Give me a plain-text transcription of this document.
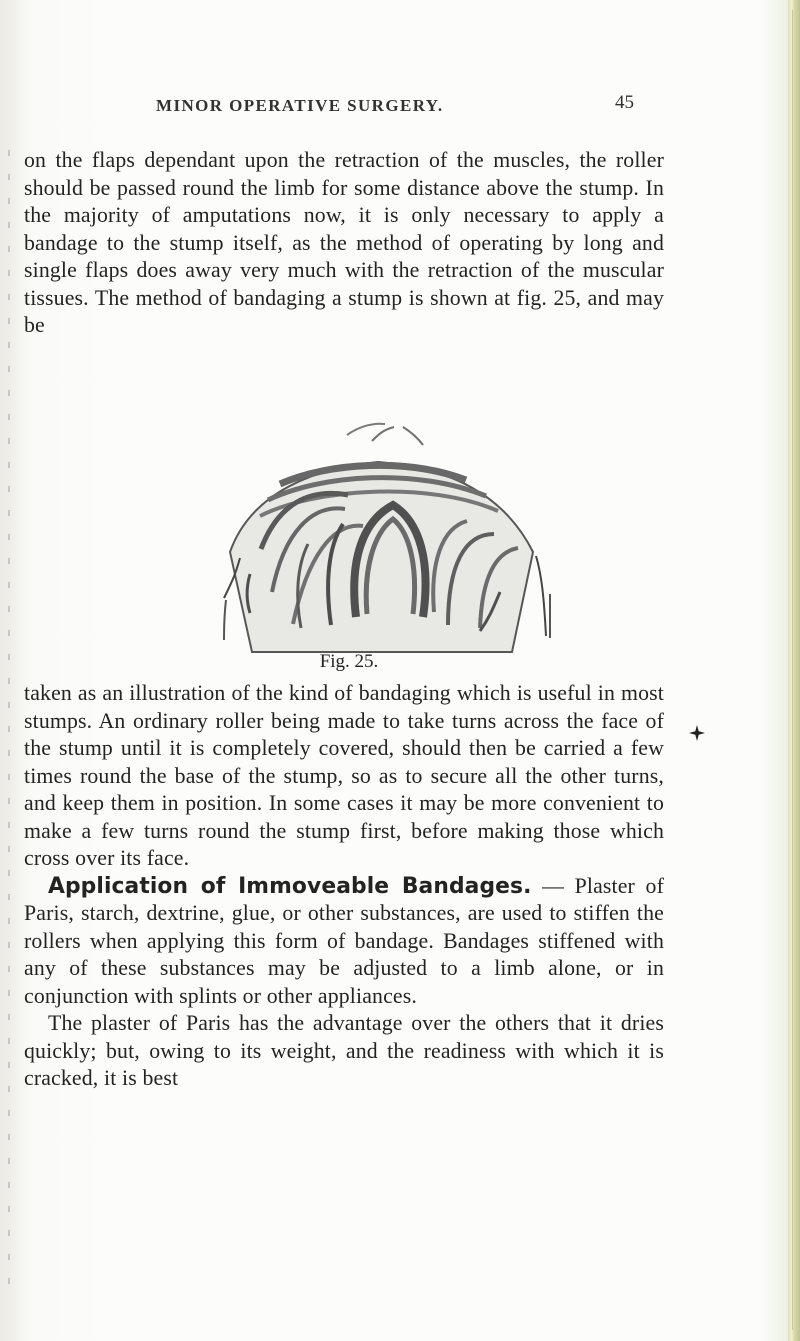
MINOR OPERATIVE SURGERY.	45

on the flaps dependant upon the retraction of the muscles, the roller should be passed round the limb for some distance above the stump. In the majority of amputations now, it is only necessary to apply a bandage to the stump itself, as the method of operating by long and single flaps does away very much with the retraction of the muscular tissues. The method of bandaging a stump is shown at fig. 25, and may be

Fig. 25.

taken as an illustration of the kind of bandaging which is useful in most stumps. An ordinary roller being made to take turns across the face of the stump until it is completely covered, should then be carried a few times round the base of the stump, so as to secure all the other turns, and keep them in position. In some cases it may be more convenient to make a few turns round the stump first, before making those which cross over its face.

Application of Immoveable Bandages. — Plaster of Paris, starch, dextrine, glue, or other substances, are used to stiffen the rollers when applying this form of bandage. Bandages stiffened with any of these substances may be adjusted to a limb alone, or in conjunction with splints or other appliances.

The plaster of Paris has the advantage over the others that it dries quickly; but, owing to its weight, and the readiness with which it is cracked, it is best
